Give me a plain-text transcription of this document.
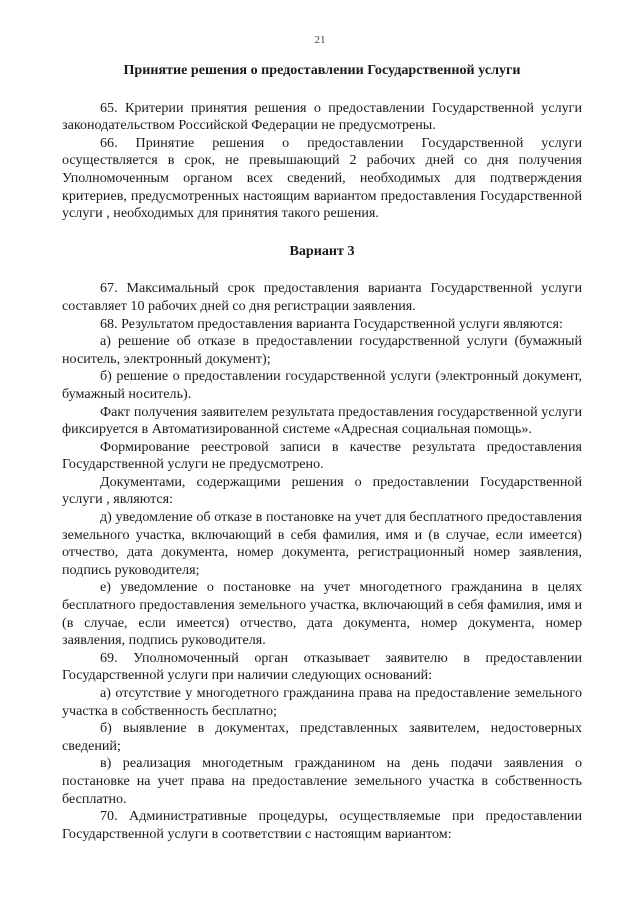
21
Принятие решения о предоставлении Государственной услуги

65. Критерии принятия решения о предоставлении Государственной услуги законодательством Российской Федерации не предусмотрены.

66. Принятие решения о предоставлении Государственной услуги осуществляется в срок, не превышающий 2 рабочих дней со дня получения Уполномоченным органом всех сведений, необходимых для подтверждения критериев, предусмотренных настоящим вариантом предоставления Государственной услуги , необходимых для принятия такого решения.

Вариант 3

67. Максимальный срок предоставления варианта Государственной услуги составляет 10 рабочих дней со дня регистрации заявления.

68. Результатом предоставления варианта Государственной услуги являются:

а) решение об отказе в предоставлении государственной услуги (бумажный носитель, электронный документ);

б) решение о предоставлении государственной услуги (электронный документ, бумажный носитель).

Факт получения заявителем результата предоставления государственной услуги фиксируется в Автоматизированной системе «Адресная социальная помощь».

Формирование реестровой записи в качестве результата предоставления Государственной услуги не предусмотрено.

Документами, содержащими решения о предоставлении Государственной услуги , являются:

д) уведомление об отказе в постановке на учет для бесплатного предоставления земельного участка, включающий в себя фамилия, имя и (в случае, если имеется) отчество, дата документа, номер документа, регистрационный номер заявления, подпись руководителя;

е) уведомление о постановке на учет многодетного гражданина в целях бесплатного предоставления земельного участка, включающий в себя фамилия, имя и (в случае, если имеется) отчество, дата документа, номер документа, номер заявления, подпись руководителя.

69. Уполномоченный орган отказывает заявителю в предоставлении Государственной услуги при наличии следующих оснований:

а) отсутствие у многодетного гражданина права на предоставление земельного участка в собственность бесплатно;

б) выявление в документах, представленных заявителем, недостоверных сведений;

в) реализация многодетным гражданином на день подачи заявления о постановке на учет права на предоставление земельного участка в собственность бесплатно.

70. Административные процедуры, осуществляемые при предоставлении Государственной услуги в соответствии с настоящим вариантом:
